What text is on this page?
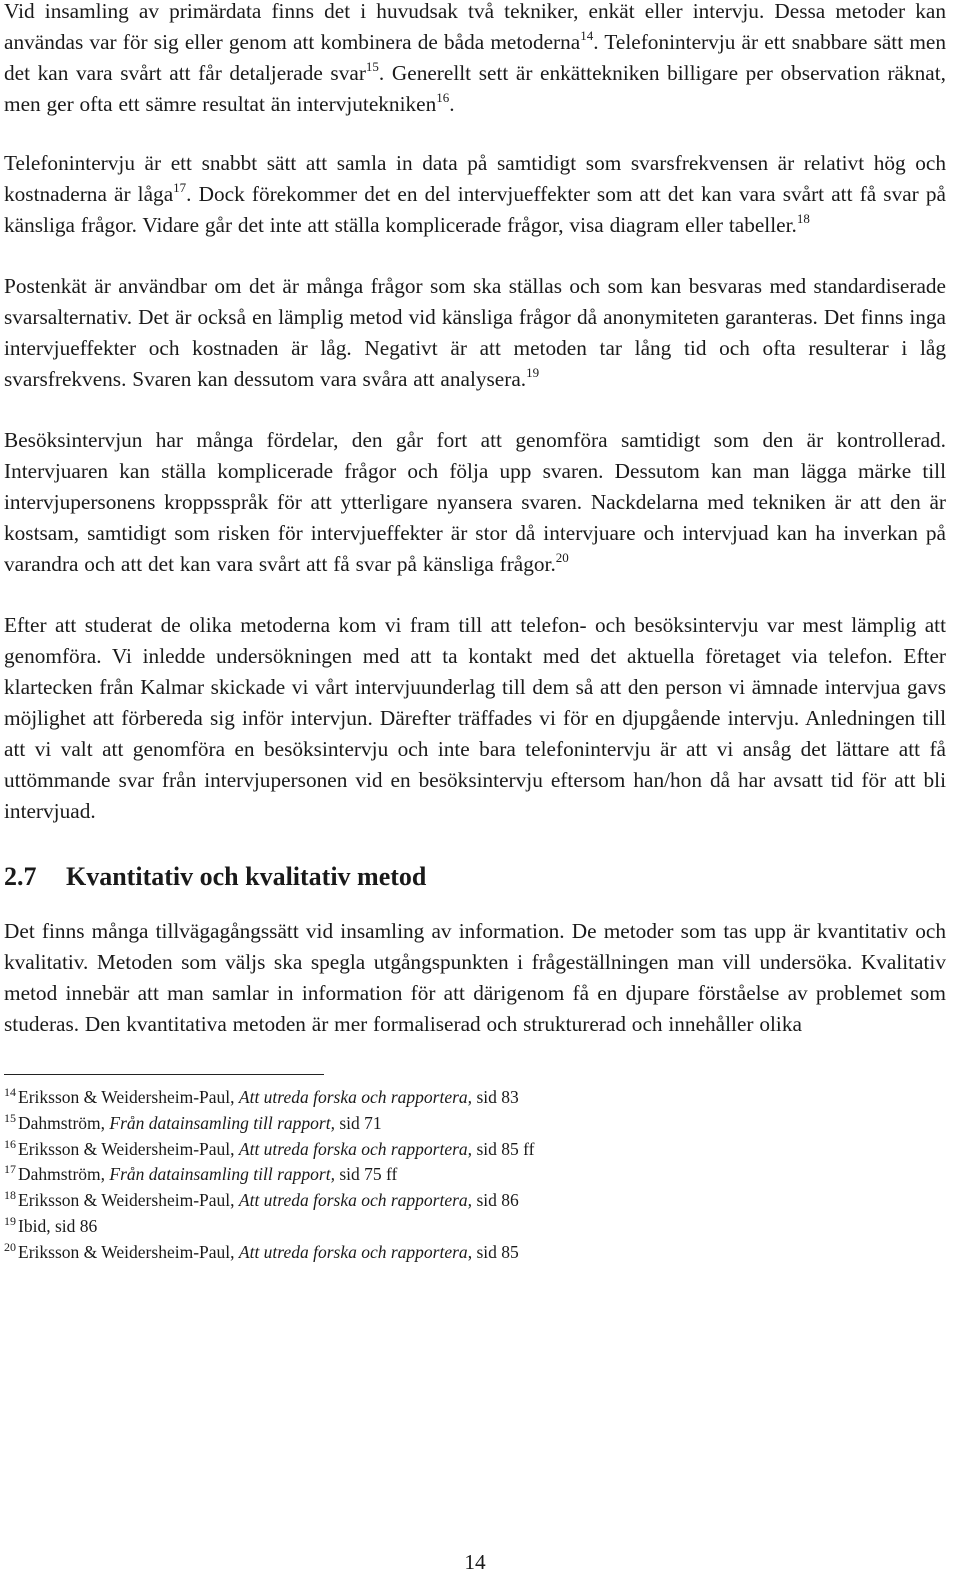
Vid insamling av primärdata finns det i huvudsak två tekniker, enkät eller intervju. Dessa metoder kan användas var för sig eller genom att kombinera de båda metoderna$^{14}$. Telefonintervju är ett snabbare sätt men det kan vara svårt att får detaljerade svar$^{15}$. Generellt sett är enkättekniken billigare per observation räknat, men ger ofta ett sämre resultat än intervjutekniken$^{16}$.

Telefonintervju är ett snabbt sätt att samla in data på samtidigt som svarsfrekvensen är relativt hög och kostnaderna är låga$^{17}$. Dock förekommer det en del intervjueffekter som att det kan vara svårt att få svar på känsliga frågor. Vidare går det inte att ställa komplicerade frågor, visa diagram eller tabeller.$^{18}$

Postenkät är användbar om det är många frågor som ska ställas och som kan besvaras med standardiserade svarsalternativ. Det är också en lämplig metod vid känsliga frågor då anonymiteten garanteras. Det finns inga intervjueffekter och kostnaden är låg. Negativt är att metoden tar lång tid och ofta resulterar i låg svarsfrekvens. Svaren kan dessutom vara svåra att analysera.$^{19}$

Besöksintervjun har många fördelar, den går fort att genomföra samtidigt som den är kontrollerad. Intervjuaren kan ställa komplicerade frågor och följa upp svaren. Dessutom kan man lägga märke till intervjupersonens kroppsspråk för att ytterligare nyansera svaren. Nackdelarna med tekniken är att den är kostsam, samtidigt som risken för intervjueffekter är stor då intervjuare och intervjuad kan ha inverkan på varandra och att det kan vara svårt att få svar på känsliga frågor.$^{20}$

Efter att studerat de olika metoderna kom vi fram till att telefon- och besöksintervju var mest lämplig att genomföra. Vi inledde undersökningen med att ta kontakt med det aktuella företaget via telefon. Efter klartecken från Kalmar skickade vi vårt intervjuunderlag till dem så att den person vi ämnade intervjua gavs möjlighet att förbereda sig inför intervjun. Därefter träffades vi för en djupgående intervju. Anledningen till att vi valt att genomföra en besöksintervju och inte bara telefonintervju är att vi ansåg det lättare att få uttömmande svar från intervjupersonen vid en besöksintervju eftersom han/hon då har avsatt tid för att bli intervjuad.

2.7 Kvantitativ och kvalitativ metod

Det finns många tillvägagångssätt vid insamling av information. De metoder som tas upp är kvantitativ och kvalitativ. Metoden som väljs ska spegla utgångspunkten i frågeställningen man vill undersöka. Kvalitativ metod innebär att man samlar in information för att därigenom få en djupare förståelse av problemet som studeras. Den kvantitativa metoden är mer formaliserad och strukturerad och innehåller olika

$^{14}$ Eriksson & Weidersheim-Paul, Att utreda forska och rapportera, sid 83

$^{15}$ Dahmström, Från datainsamling till rapport, sid 71

$^{16}$ Eriksson & Weidersheim-Paul, Att utreda forska och rapportera, sid 85 ff

$^{17}$ Dahmström, Från datainsamling till rapport, sid 75 ff

$^{18}$ Eriksson & Weidersheim-Paul, Att utreda forska och rapportera, sid 86

$^{19}$ Ibid, sid 86

$^{20}$ Eriksson & Weidersheim-Paul, Att utreda forska och rapportera, sid 85

14
